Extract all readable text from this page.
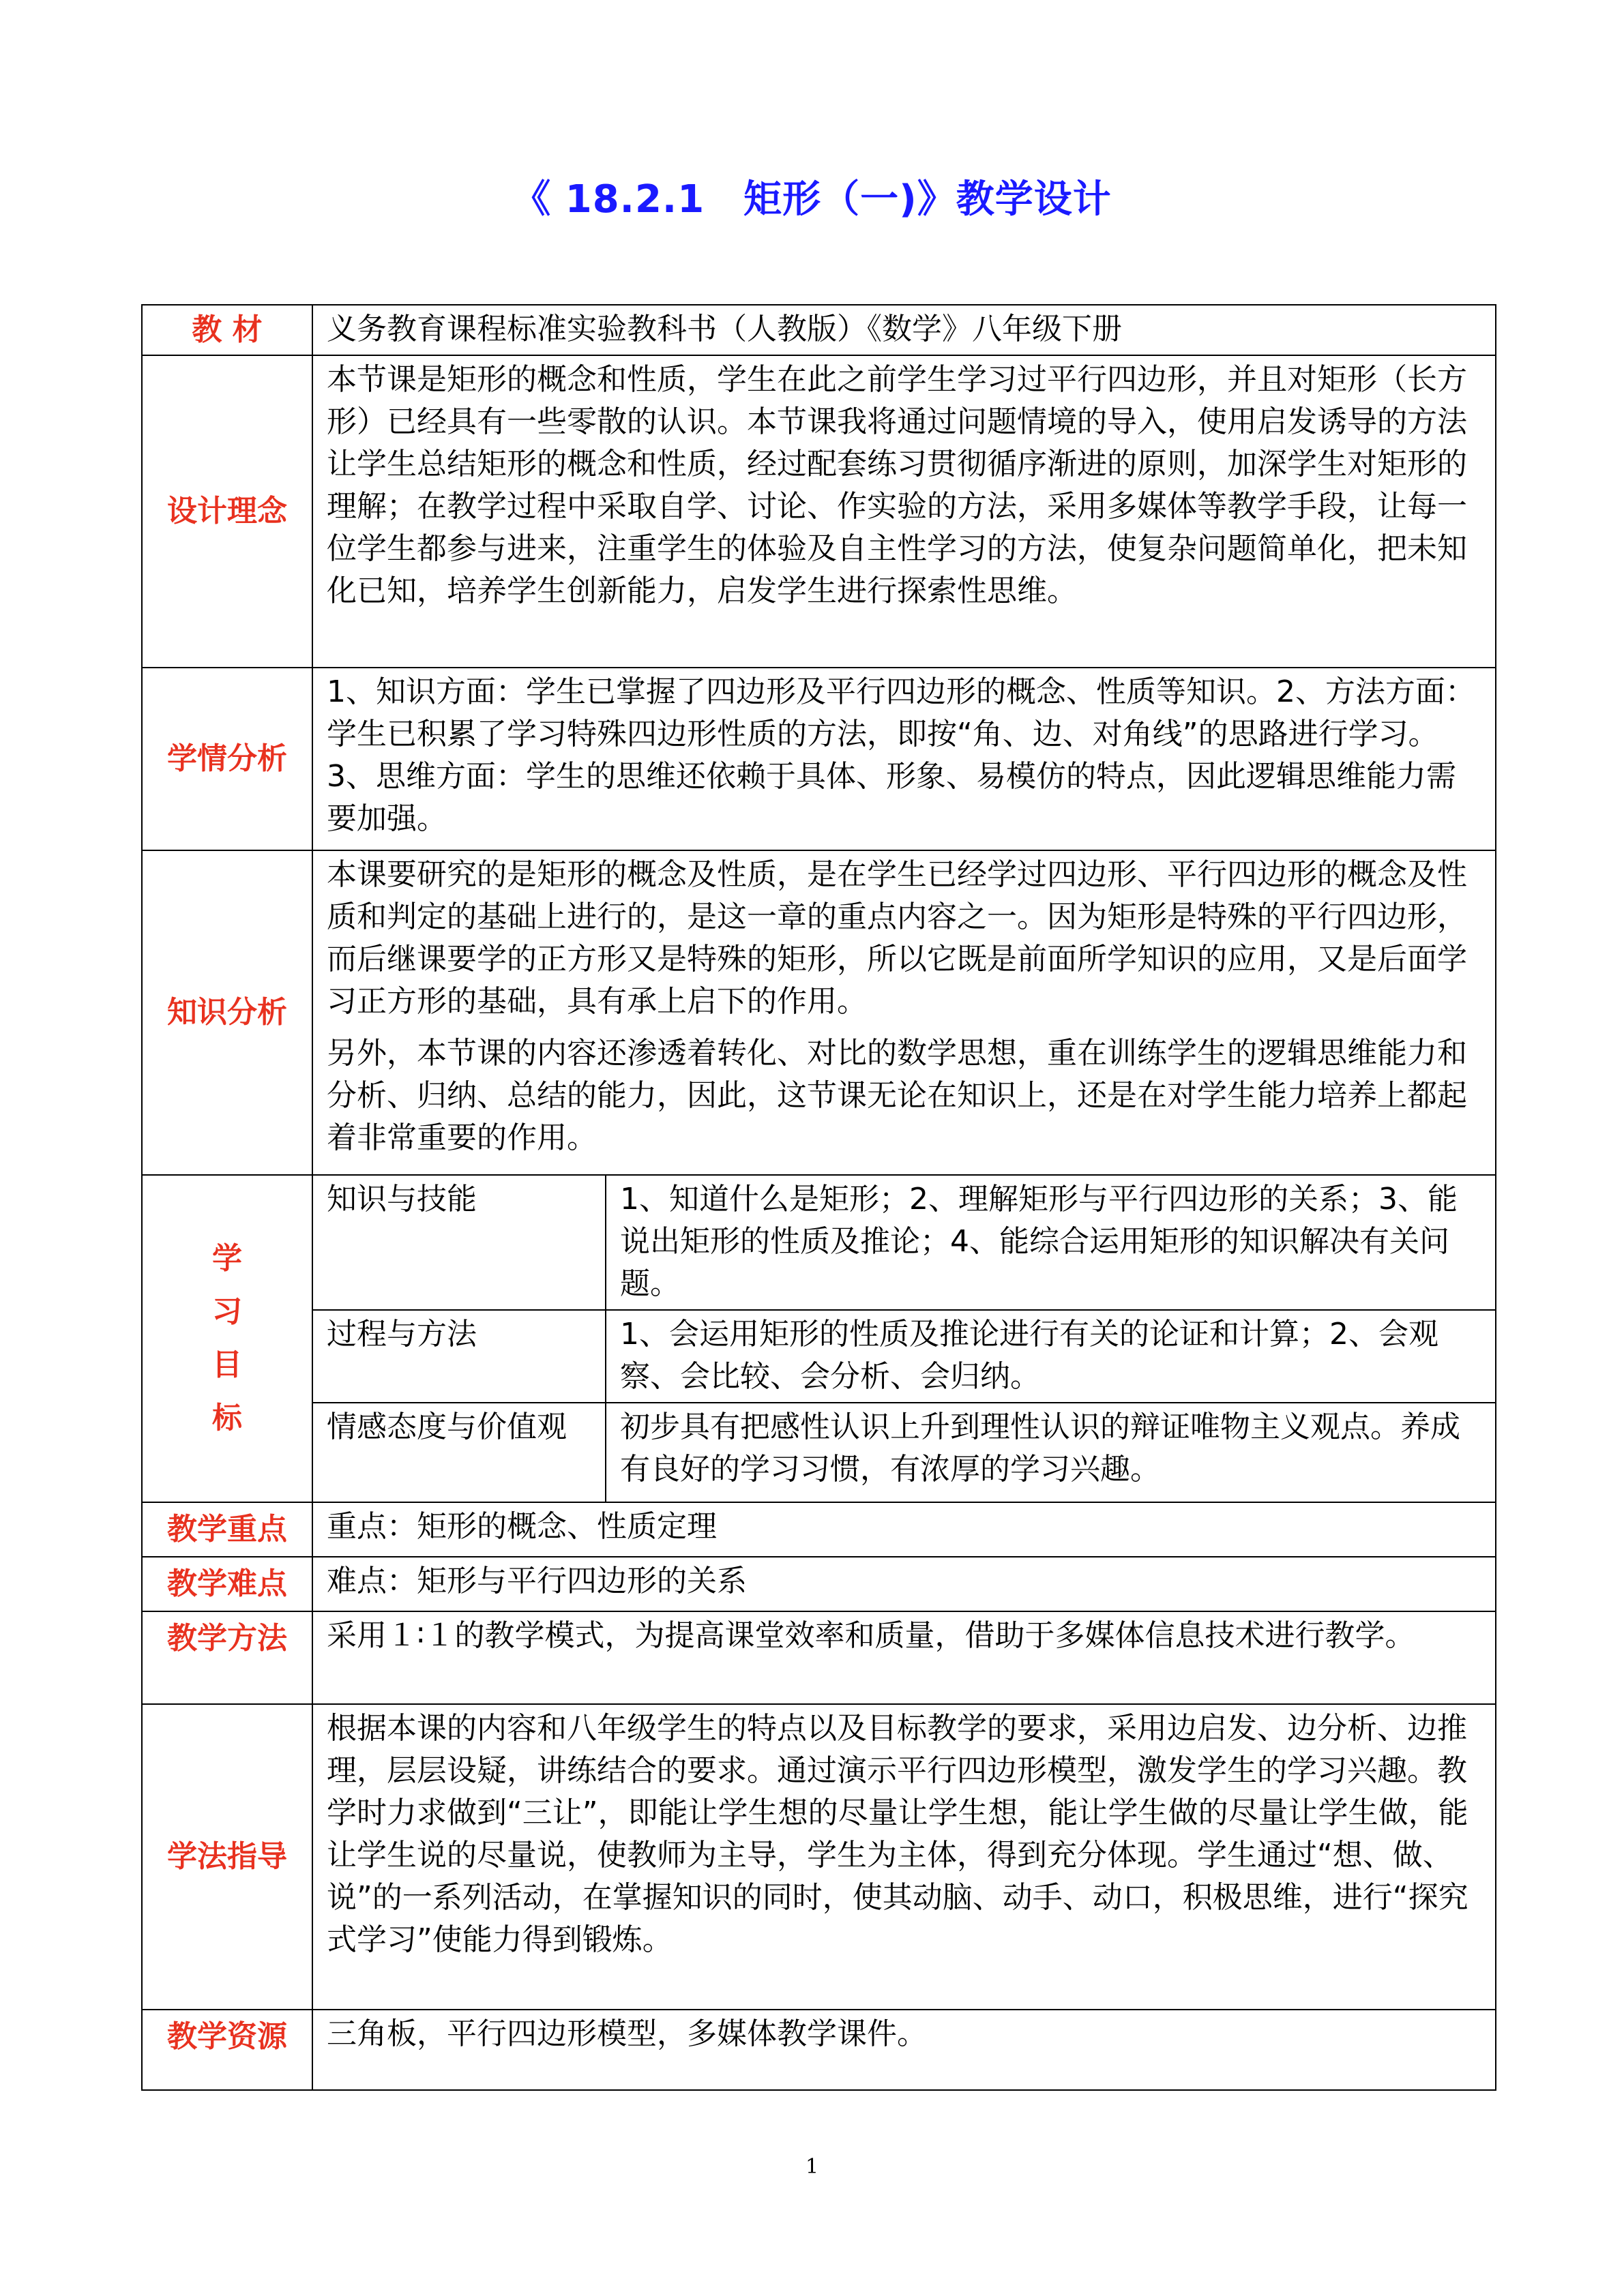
《 18.2.1　矩形（一)》教学设计
教 材	义务教育课程标准实验教科书（人教版）《数学》八年级下册	
设计理念	本节课是矩形的概念和性质，学生在此之前学生学习过平行四边形，并且对矩形（长方形）已经具有一些零散的认识。本节课我将通过问题情境的导入，使用启发诱导的方法让学生总结矩形的概念和性质，经过配套练习贯彻循序渐进的原则，加深学生对矩形的理解；在教学过程中采取自学、讨论、作实验的方法，采用多媒体等教学手段，让每一位学生都参与进来，注重学生的体验及自主性学习的方法，使复杂问题简单化，把未知化已知，培养学生创新能力，启发学生进行探索性思维。	
学情分析	1、知识方面：学生已掌握了四边形及平行四边形的概念、性质等知识。2、方法方面：学生已积累了学习特殊四边形性质的方法，即按“角、边、对角线”的思路进行学习。3、思维方面：学生的思维还依赖于具体、形象、易模仿的特点，因此逻辑思维能力需要加强。	
知识分析	本课要研究的是矩形的概念及性质，是在学生已经学过四边形、平行四边形的概念及性质和判定的基础上进行的，是这一章的重点内容之一。因为矩形是特殊的平行四边形，而后继课要学的正方形又是特殊的矩形，所以它既是前面所学知识的应用，又是后面学习正方形的基础，具有承上启下的作用。

另外，本节课的内容还渗透着转化、对比的数学思想，重在训练学生的逻辑思维能力和分析、归纳、总结的能力，因此，这节课无论在知识上，还是在对学生能力培养上都起着非常重要的作用。	

学
习
目
标	知识与技能	1、知道什么是矩形；2、理解矩形与平行四边形的关系；3、能说出矩形的性质及推论；4、能综合运用矩形的知识解决有关问题。
	过程与方法	1、会运用矩形的性质及推论进行有关的论证和计算；2、会观察、会比较、会分析、会归纳。
	情感态度与价值观	初步具有把感性认识上升到理性认识的辩证唯物主义观点。养成有良好的学习习惯，有浓厚的学习兴趣。
教学重点	重点：矩形的概念、性质定理	
教学难点	难点：矩形与平行四边形的关系	
教学方法	采用１∶１的教学模式，为提高课堂效率和质量，借助于多媒体信息技术进行教学。	
学法指导	根据本课的内容和八年级学生的特点以及目标教学的要求，采用边启发、边分析、边推理，层层设疑，讲练结合的要求。通过演示平行四边形模型，激发学生的学习兴趣。教学时力求做到“三让”，即能让学生想的尽量让学生想，能让学生做的尽量让学生做，能让学生说的尽量说，使教师为主导，学生为主体，得到充分体现。学生通过“想、做、说”的一系列活动，在掌握知识的同时，使其动脑、动手、动口，积极思维，进行“探究式学习”使能力得到锻炼。	
教学资源	三角板，平行四边形模型，多媒体教学课件。	
1
